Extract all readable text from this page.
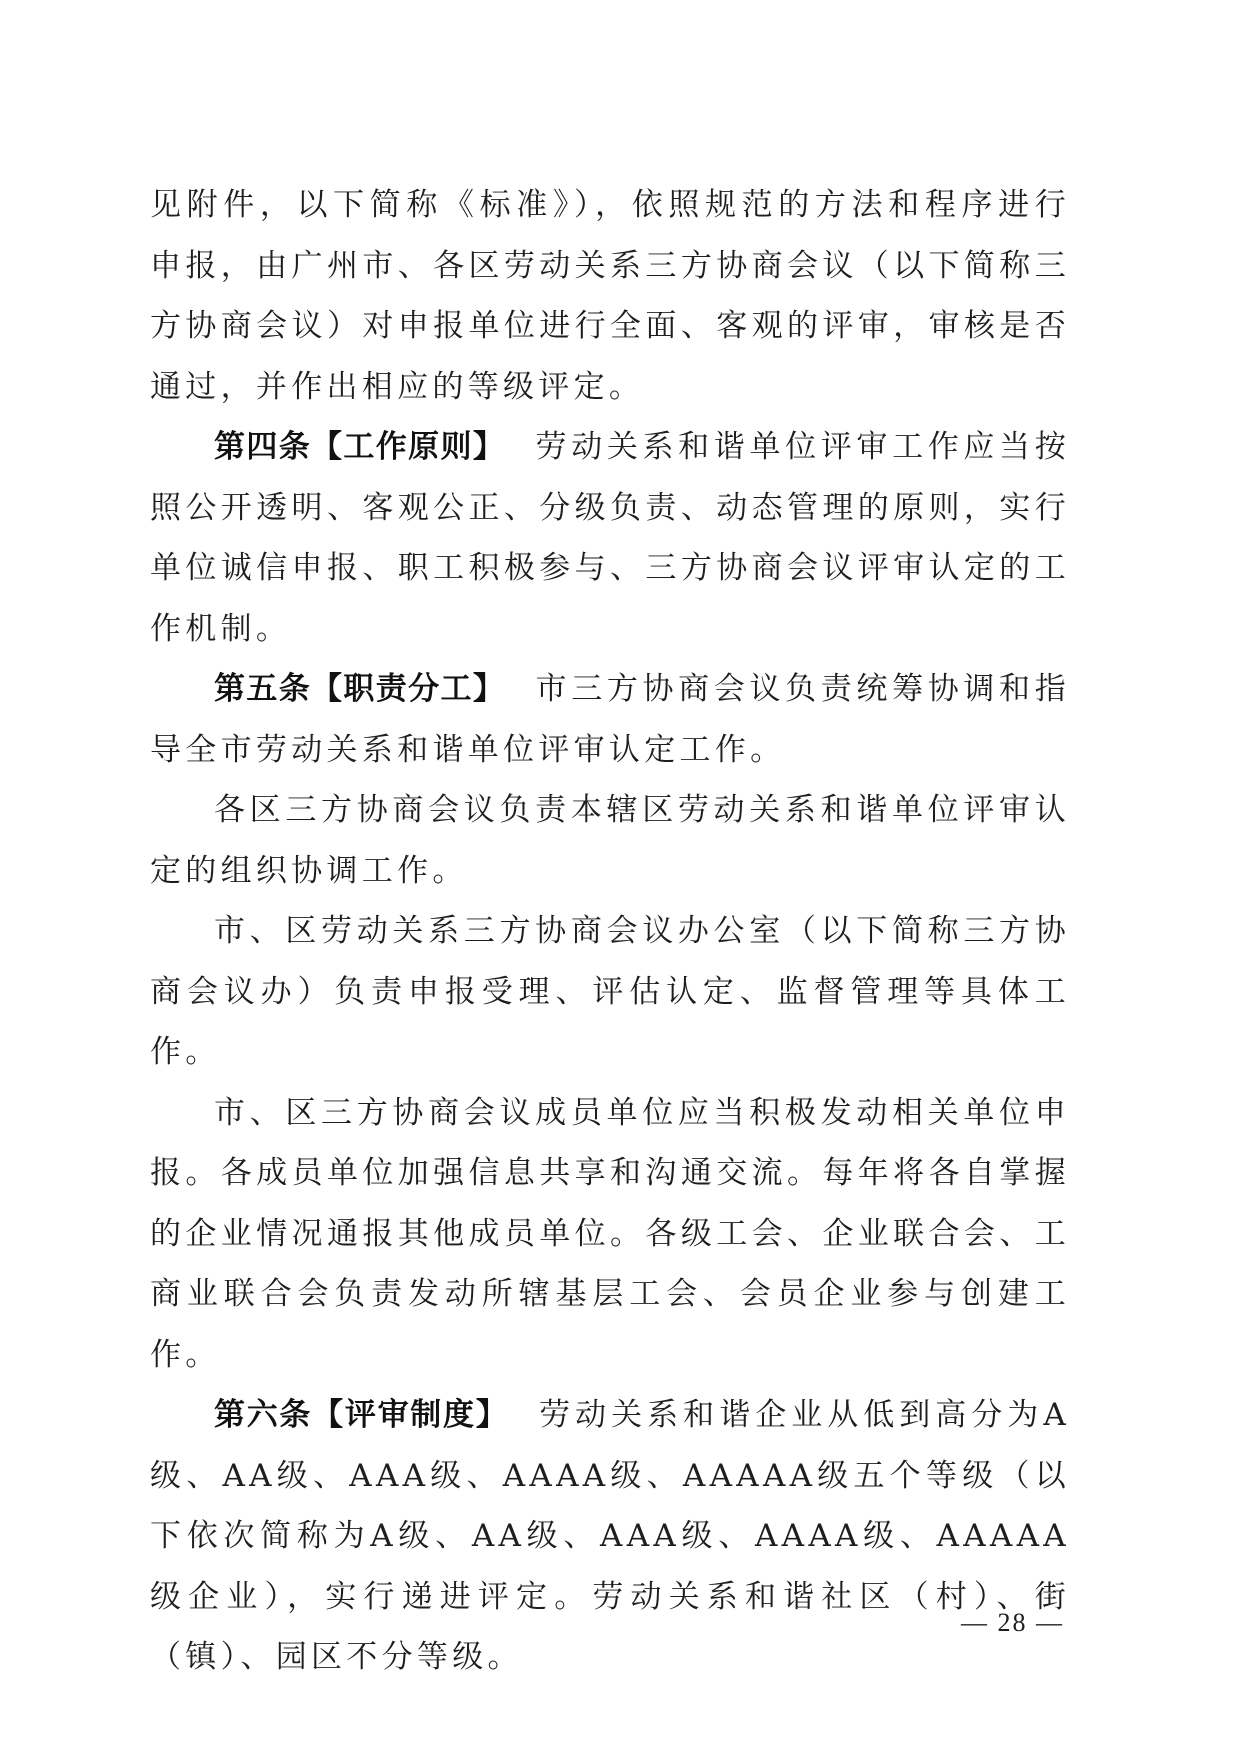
见附件，以下简称《标准》），依照规范的方法和程序进行申报，由广州市、各区劳动关系三方协商会议（以下简称三方协商会议）对申报单位进行全面、客观的评审，审核是否通过，并作出相应的等级评定。

第四条【工作原则】 劳动关系和谐单位评审工作应当按照公开透明、客观公正、分级负责、动态管理的原则，实行单位诚信申报、职工积极参与、三方协商会议评审认定的工作机制。

第五条【职责分工】 市三方协商会议负责统筹协调和指导全市劳动关系和谐单位评审认定工作。

各区三方协商会议负责本辖区劳动关系和谐单位评审认定的组织协调工作。

市、区劳动关系三方协商会议办公室（以下简称三方协商会议办）负责申报受理、评估认定、监督管理等具体工作。

市、区三方协商会议成员单位应当积极发动相关单位申报。各成员单位加强信息共享和沟通交流。每年将各自掌握的企业情况通报其他成员单位。各级工会、企业联合会、工商业联合会负责发动所辖基层工会、会员企业参与创建工作。

第六条【评审制度】 劳动关系和谐企业从低到高分为A级、AA级、AAA级、AAAA级、AAAAA级五个等级（以下依次简称为A级、AA级、AAA级、AAAA级、AAAAA级企业），实行递进评定。劳动关系和谐社区（村）、街（镇）、园区不分等级。

— 28 —
